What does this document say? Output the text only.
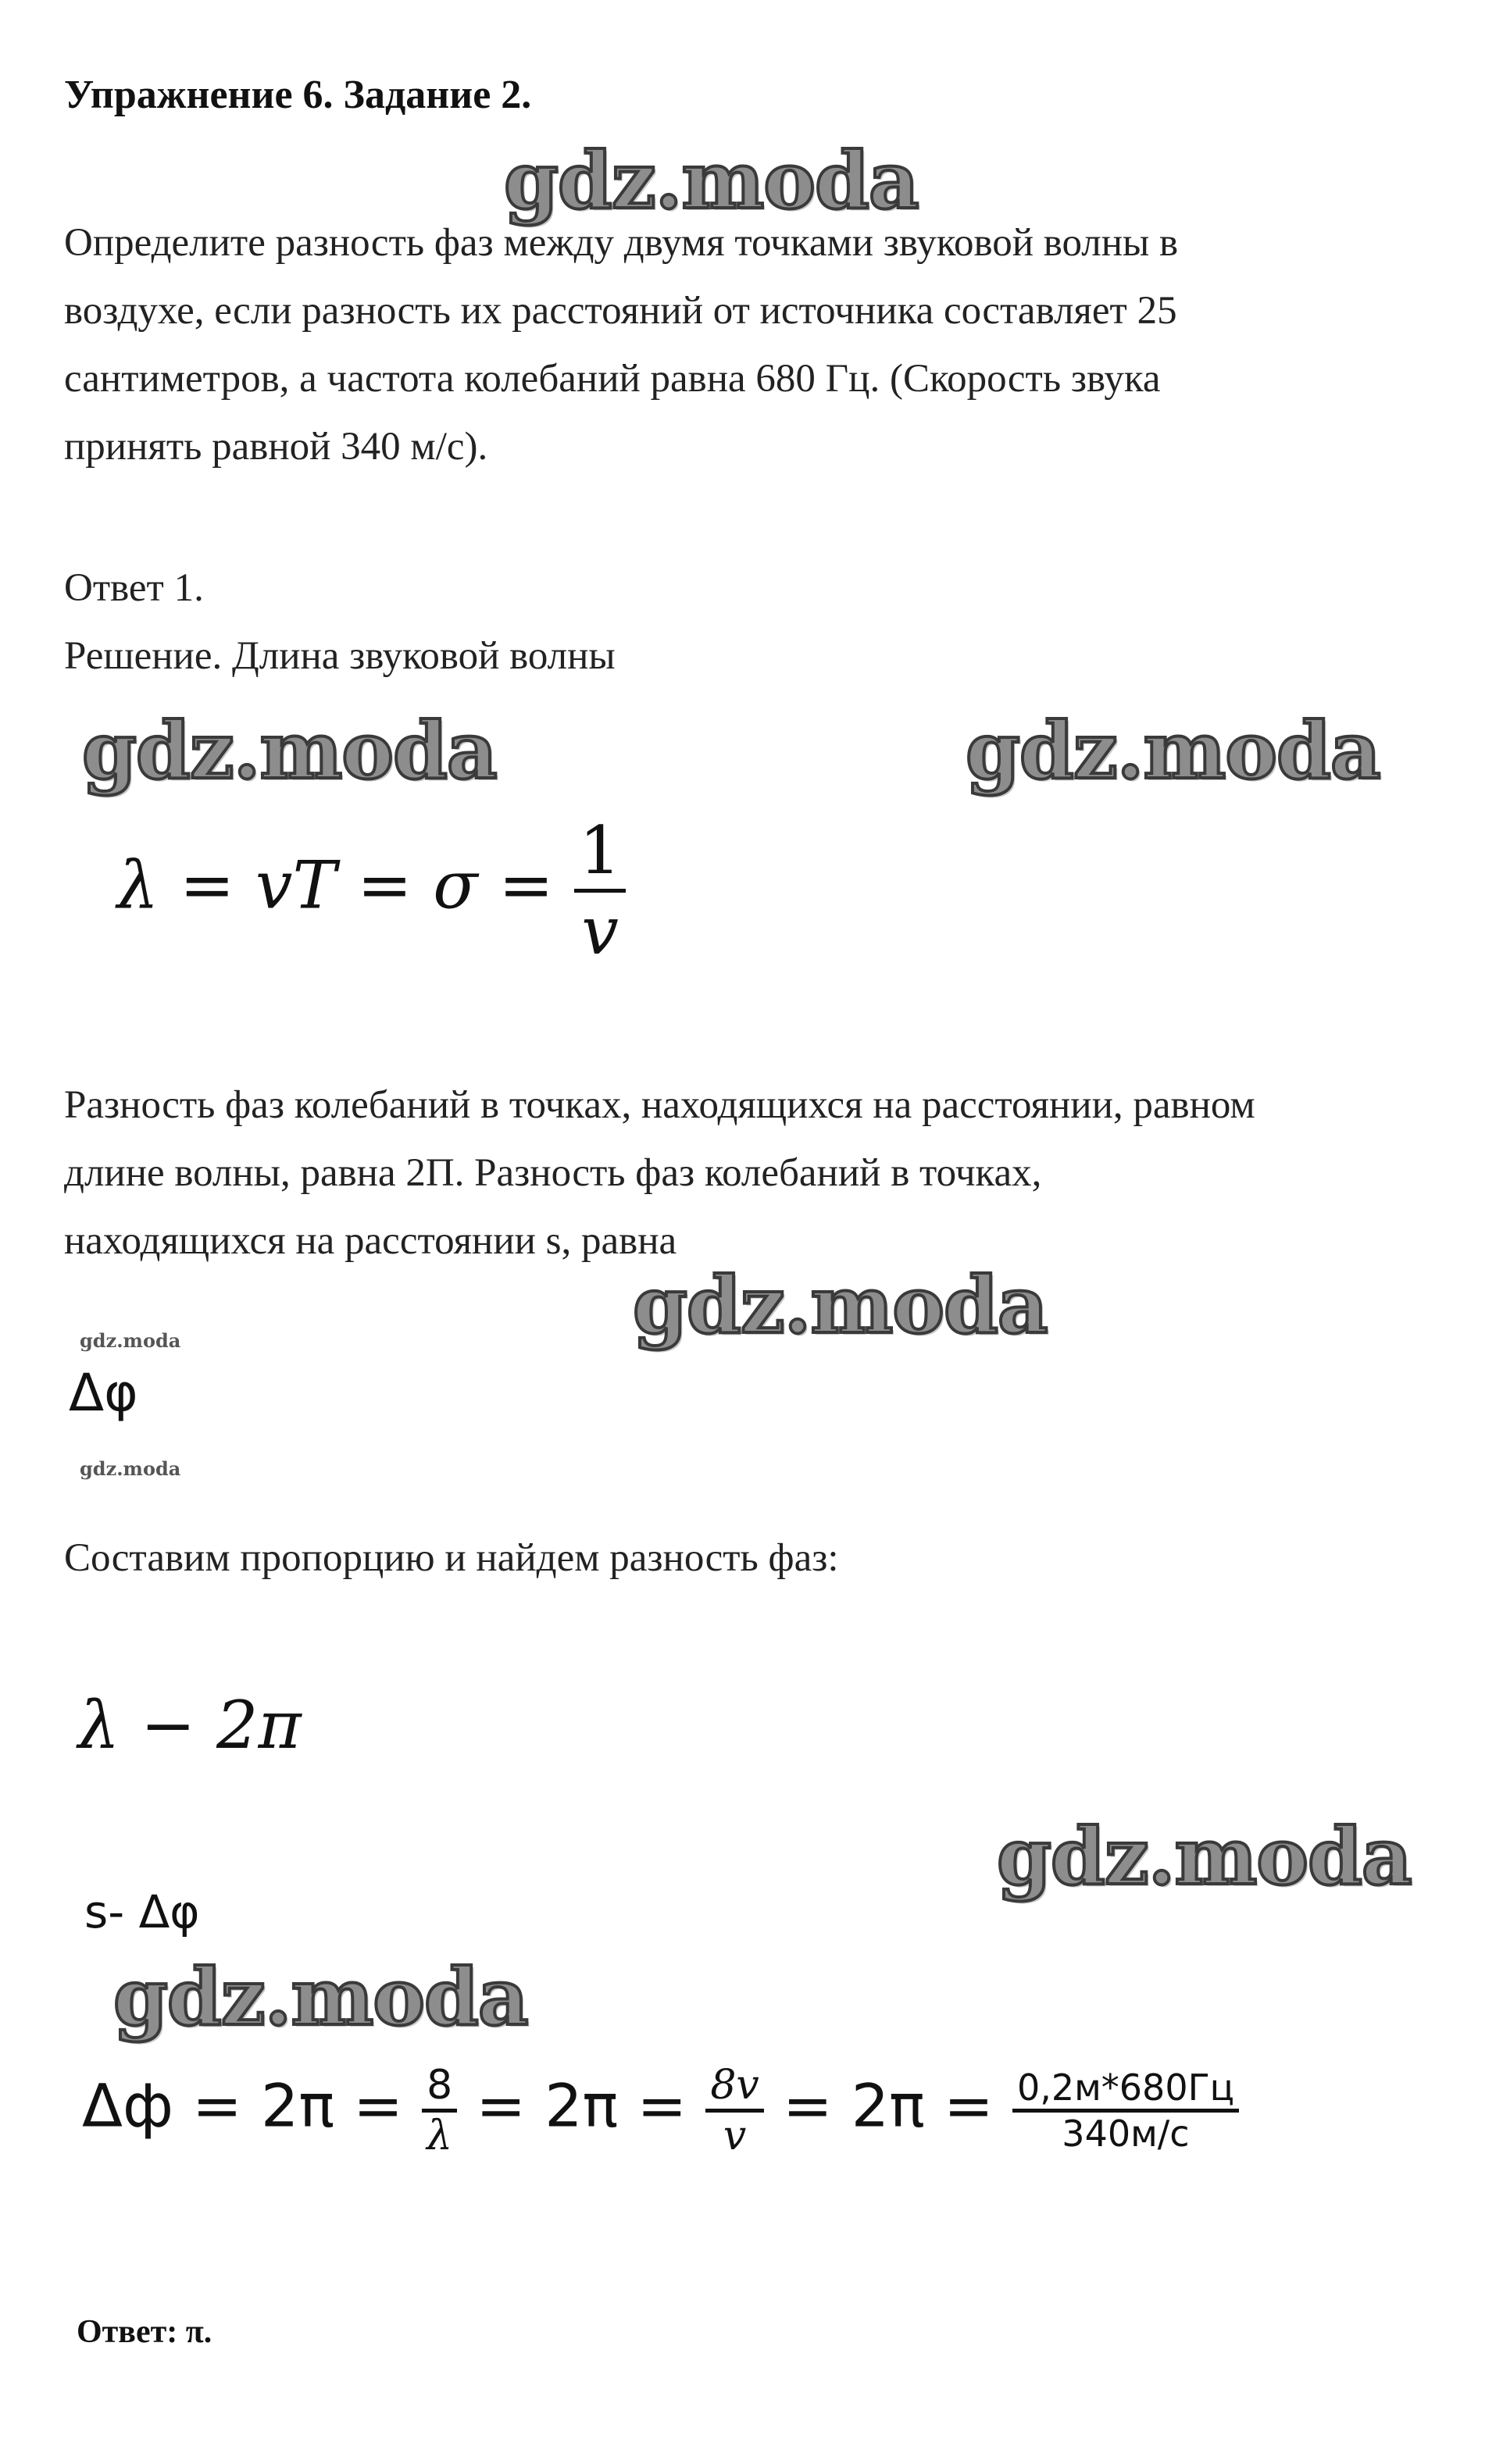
Упражнение 6. Задание 2.
gdz.moda
Определите разность фаз между двумя точками звуковой волны в
воздухе, если разность их расстояний от источника составляет 25
сантиметров, а частота колебаний равна 680 Гц. (Скорость звука
принять равной 340 м/с).
Ответ 1.
Решение. Длина звуковой волны
gdz.moda	gdz.moda
λ = vT = $\sigma = \frac{1}{v}$
Разность фаз колебаний в точках, находящихся на расстоянии, равном
длине волны, равна 2П. Разность фаз колебаний в точках,
находящихся на расстоянии s, равна
gdz.moda
gdz.moda
Δφ
gdz.moda
Составим пропорцию и найдем разность фаз:
λ − 2π
gdz.moda
s- Δφ
gdz.moda
$\Delta ф = 2\pi = \frac{8}{\lambda} = 2\pi = \frac{8v}{v} = 2\pi = \frac{0,2м*680Гц}{340м/с}$
Ответ: π.
